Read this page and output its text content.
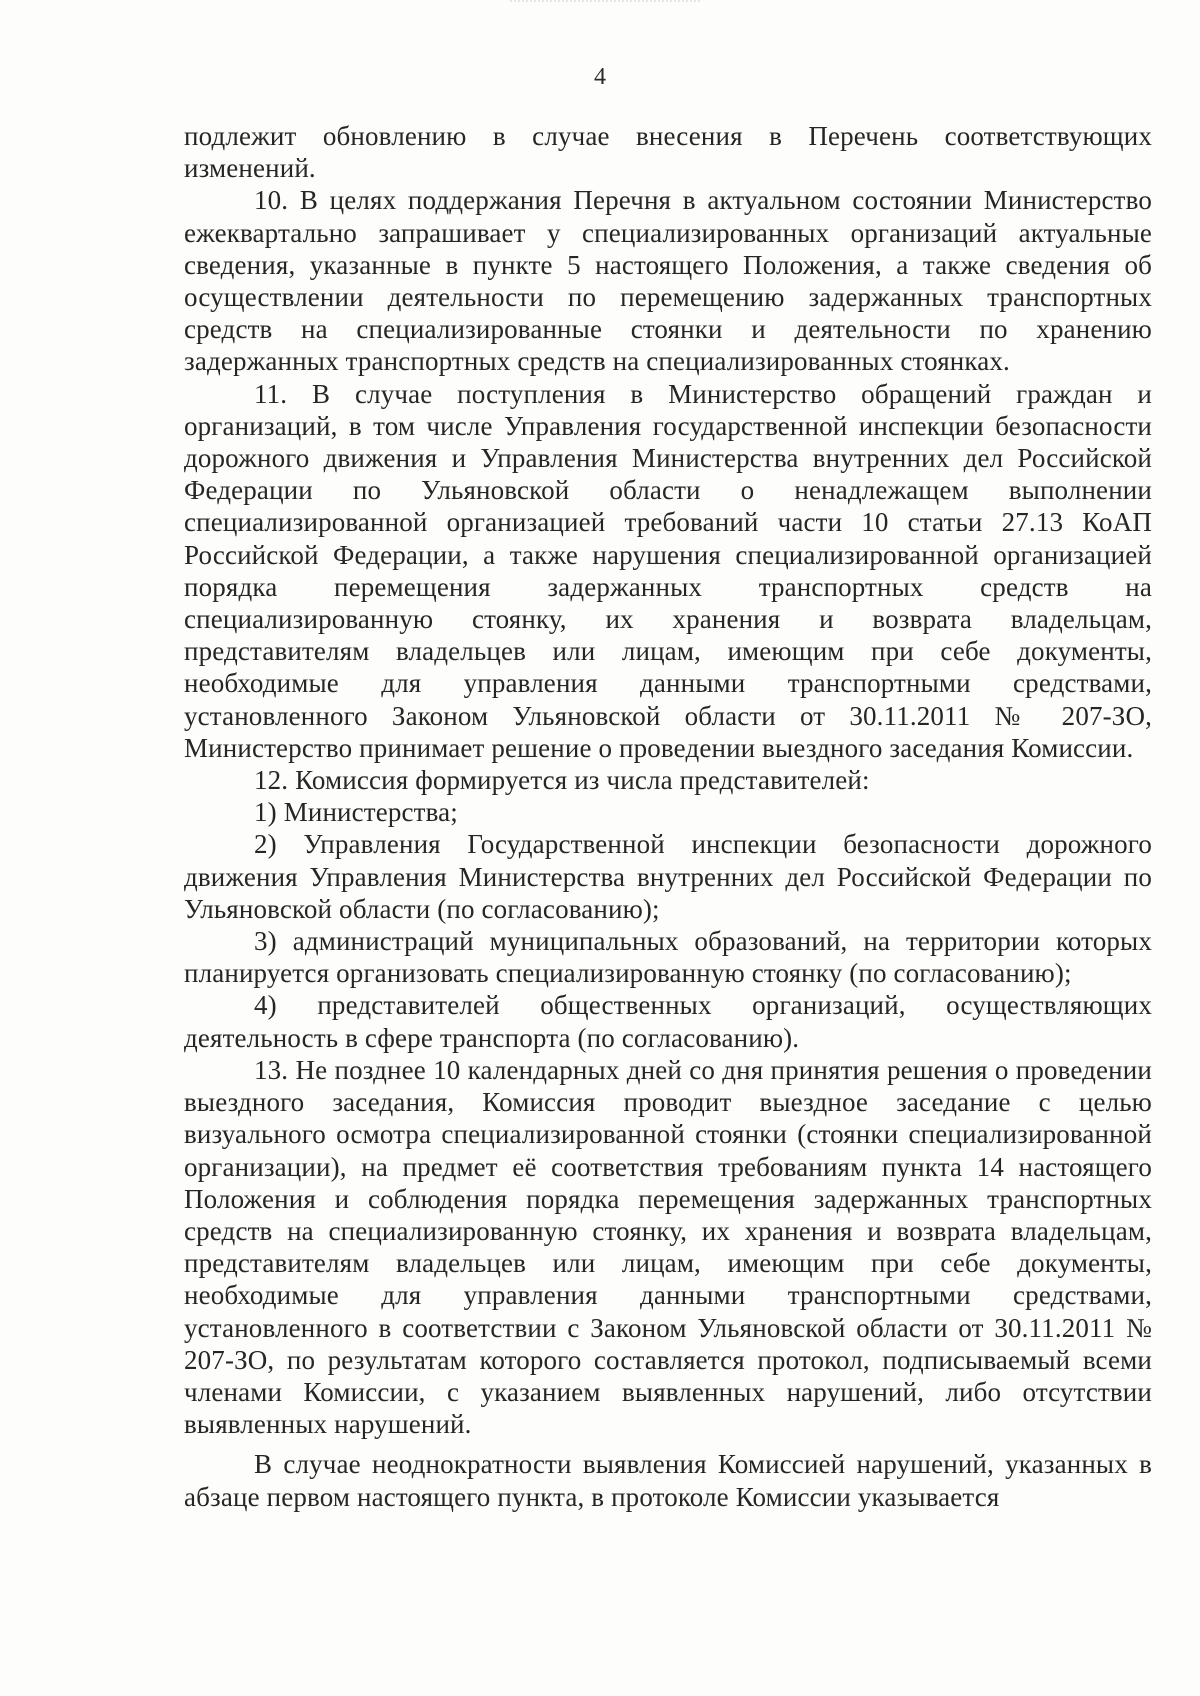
4

подлежит обновлению в случае внесения в Перечень соответствующих изменений.

10. В целях поддержания Перечня в актуальном состоянии Министерство ежеквартально запрашивает у специализированных организаций актуальные сведения, указанные в пункте 5 настоящего Положения, а также сведения об осуществлении деятельности по перемещению задержанных транспортных средств на специализированные стоянки и деятельности по хранению задержанных транспортных средств на специализированных стоянках.

11. В случае поступления в Министерство обращений граждан и организаций, в том числе Управления государственной инспекции безопасности дорожного движения и Управления Министерства внутренних дел Российской Федерации по Ульяновской области о ненадлежащем выполнении специализированной организацией требований части 10 статьи 27.13 КоАП Российской Федерации, а также нарушения специализированной организацией порядка перемещения задержанных транспортных средств на специализированную стоянку, их хранения и возврата владельцам, представителям владельцев или лицам, имеющим при себе документы, необходимые для управления данными транспортными средствами, установленного Законом Ульяновской области от 30.11.2011 № 207-ЗО, Министерство принимает решение о проведении выездного заседания Комиссии.

12. Комиссия формируется из числа представителей:

1) Министерства;

2) Управления Государственной инспекции безопасности дорожного движения Управления Министерства внутренних дел Российской Федерации по Ульяновской области (по согласованию);

3) администраций муниципальных образований, на территории которых планируется организовать специализированную стоянку (по согласованию);

4) представителей общественных организаций, осуществляющих деятельность в сфере транспорта (по согласованию).

13. Не позднее 10 календарных дней со дня принятия решения о проведении выездного заседания, Комиссия проводит выездное заседание с целью визуального осмотра специализированной стоянки (стоянки специализированной организации), на предмет её соответствия требованиям пункта 14 настоящего Положения и соблюдения порядка перемещения задержанных транспортных средств на специализированную стоянку, их хранения и возврата владельцам, представителям владельцев или лицам, имеющим при себе документы, необходимые для управления данными транспортными средствами, установленного в соответствии с Законом Ульяновской области от 30.11.2011 № 207-ЗО, по результатам которого составляется протокол, подписываемый всеми членами Комиссии, с указанием выявленных нарушений, либо отсутствии выявленных нарушений.

В случае неоднократности выявления Комиссией нарушений, указанных в абзаце первом настоящего пункта, в протоколе Комиссии указывается
